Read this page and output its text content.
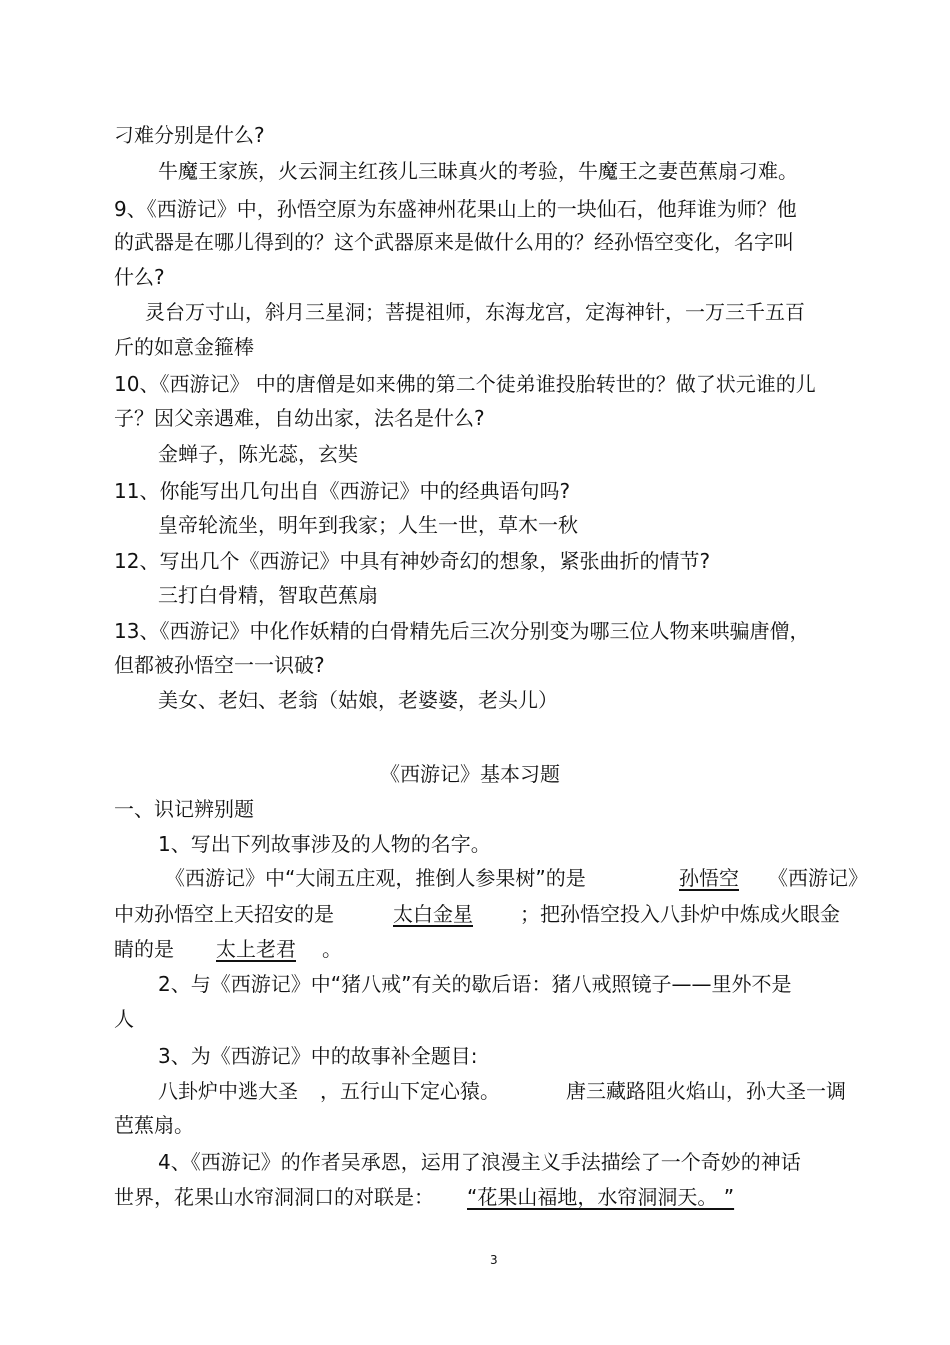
刁难分别是什么?
牛魔王家族，火云洞主红孩儿三昧真火的考验，牛魔王之妻芭蕉扇刁难。
9、《西游记》中，孙悟空原为东盛神州花果山上的一块仙石，他拜谁为师？他
的武器是在哪儿得到的？这个武器原来是做什么用的？经孙悟空变化，名字叫
什么?
灵台万寸山，斜月三星洞；菩提祖师，东海龙宫，定海神针，一万三千五百
斤的如意金箍棒
10、《西游记》 中的唐僧是如来佛的第二个徒弟谁投胎转世的？做了状元谁的儿
子？因父亲遇难，自幼出家，法名是什么?
金蝉子，陈光蕊，玄奘
11、你能写出几句出自《西游记》中的经典语句吗?
皇帝轮流坐，明年到我家；人生一世，草木一秋
12、写出几个《西游记》中具有神妙奇幻的想象，紧张曲折的情节?
三打白骨精，智取芭蕉扇
13、《西游记》中化作妖精的白骨精先后三次分别变为哪三位人物来哄骗唐僧，
但都被孙悟空一一识破?
美女、老妇、老翁（姑娘，老婆婆，老头儿）
《西游记》基本习题
一、识记辨别题
1、写出下列故事涉及的人物的名字。
《西游记》中“大闹五庄观，推倒人参果树”的是	孙悟空	《西游记》
中劝孙悟空上天招安的是	太白金星	；把孙悟空投入八卦炉中炼成火眼金
睛的是	太上老君	。
2、与《西游记》中“猪八戒”有关的歇后语：猪八戒照镜子——里外不是
人
3、为《西游记》中的故事补全题目:
八卦炉中逃大圣 ，五行山下定心猿。	唐三藏路阻火焰山，孙大圣一调
芭蕉扇。
4、《西游记》的作者吴承恩，运用了浪漫主义手法描绘了一个奇妙的神话
世界，花果山水帘洞洞口的对联是： “花果山福地，水帘洞洞天。 ”
3
